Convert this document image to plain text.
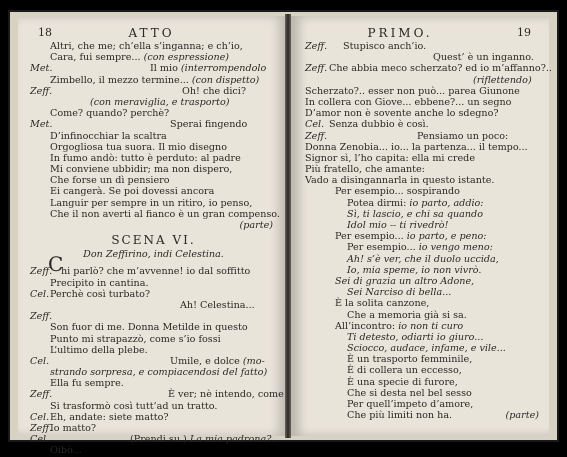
18	ATTO
Altri, che me; ch’ella s’inganna; e ch’io,
Cara, fui sempre... (con espressione)
Met.	Il mio (interrompendolo
Zimbello, il mezzo termine... (con dispetto)
Zeff.	Oh! che dici?
(con meraviglia, e trasporto)
Come? quando? perchè?
Met.	Sperai fingendo
D’infinocchiar la scaltra
Orgogliosa tua suora. Il mio disegno
In fumo andò: tutto è perduto: al padre
Mi conviene ubbidir; ma non dispero,
Che forse un dì pensiero
Ei cangerà. Se poi dovessi ancora
Languir per sempre in un ritiro, io penso,
Che il non averti al fianco è un gran compenso.
(parte)
SCENA VI.
Don Zeffirino, indi Celestina.
Zeff.
C
hi parlò? che m’avvenne! io dal soffitto
Precipito in cantina.
Cel. Perchè così turbato?
Ah! Celestina...
Zeff.
Son fuor di me. Donna Metilde in questo
Punto mi strapazzò, come s’io fossi
L’ultimo della plebe.
Cel.	Umile, e dolce (mo-
strando sorpresa, e compiacendosi del fatto)
Ella fu sempre.
Zeff.	È ver; nè intendo, come
Si trasformò così tutt’ad un tratto.
Cel. Eh, andate: siete matto?
Zeff.
Io matto?
Cel.	(Prendi su.) La mia padrona?..
Oibò...
PRIMO.	19
Zeff. Stupisco anch’io.
Quest’ è un inganno.
Zeff. Che abbia meco scherzato? ed io m’affanno?..
(riflettendo)
Scherzato?.. esser non può... parea Giunone
In collera con Giove... ebbene?... un segno
D’amor non è sovente anche lo sdegno?
Cel. Senza dubbio è così.
Zeff.	Pensiamo un poco:
Donna Zenobia... io... la partenza... il tempo...
Signor sì, l’ho capita: ella mi crede
Più fratello, che amante:
Vado a disingannarla in questo istante.
Per esempio... sospirando
Potea dirmi: io parto, addio:
Sì, ti lascio, e chi sa quando
Idol mio -- ti rivedrò!
Per esempio... io parto, e peno:
Per esempio... io vengo meno:
Ah! s’è ver, che il duolo uccida,
Io, mia speme, io non vivrò.
Sei di grazia un altro Adone,
Sei Narciso di bella...
È la solita canzone,
Che a memoria già si sa.
All’incontro: io non ti curo
Ti detesto, odiarti io giuro...
Sciocco, audace, infame, e vile...
È un trasporto femminile,
È di collera un eccesso,
È una specie di furore,
Che si desta nel bel sesso
Per quell’impeto d’amore,
Che più limiti non ha.	(parte)
